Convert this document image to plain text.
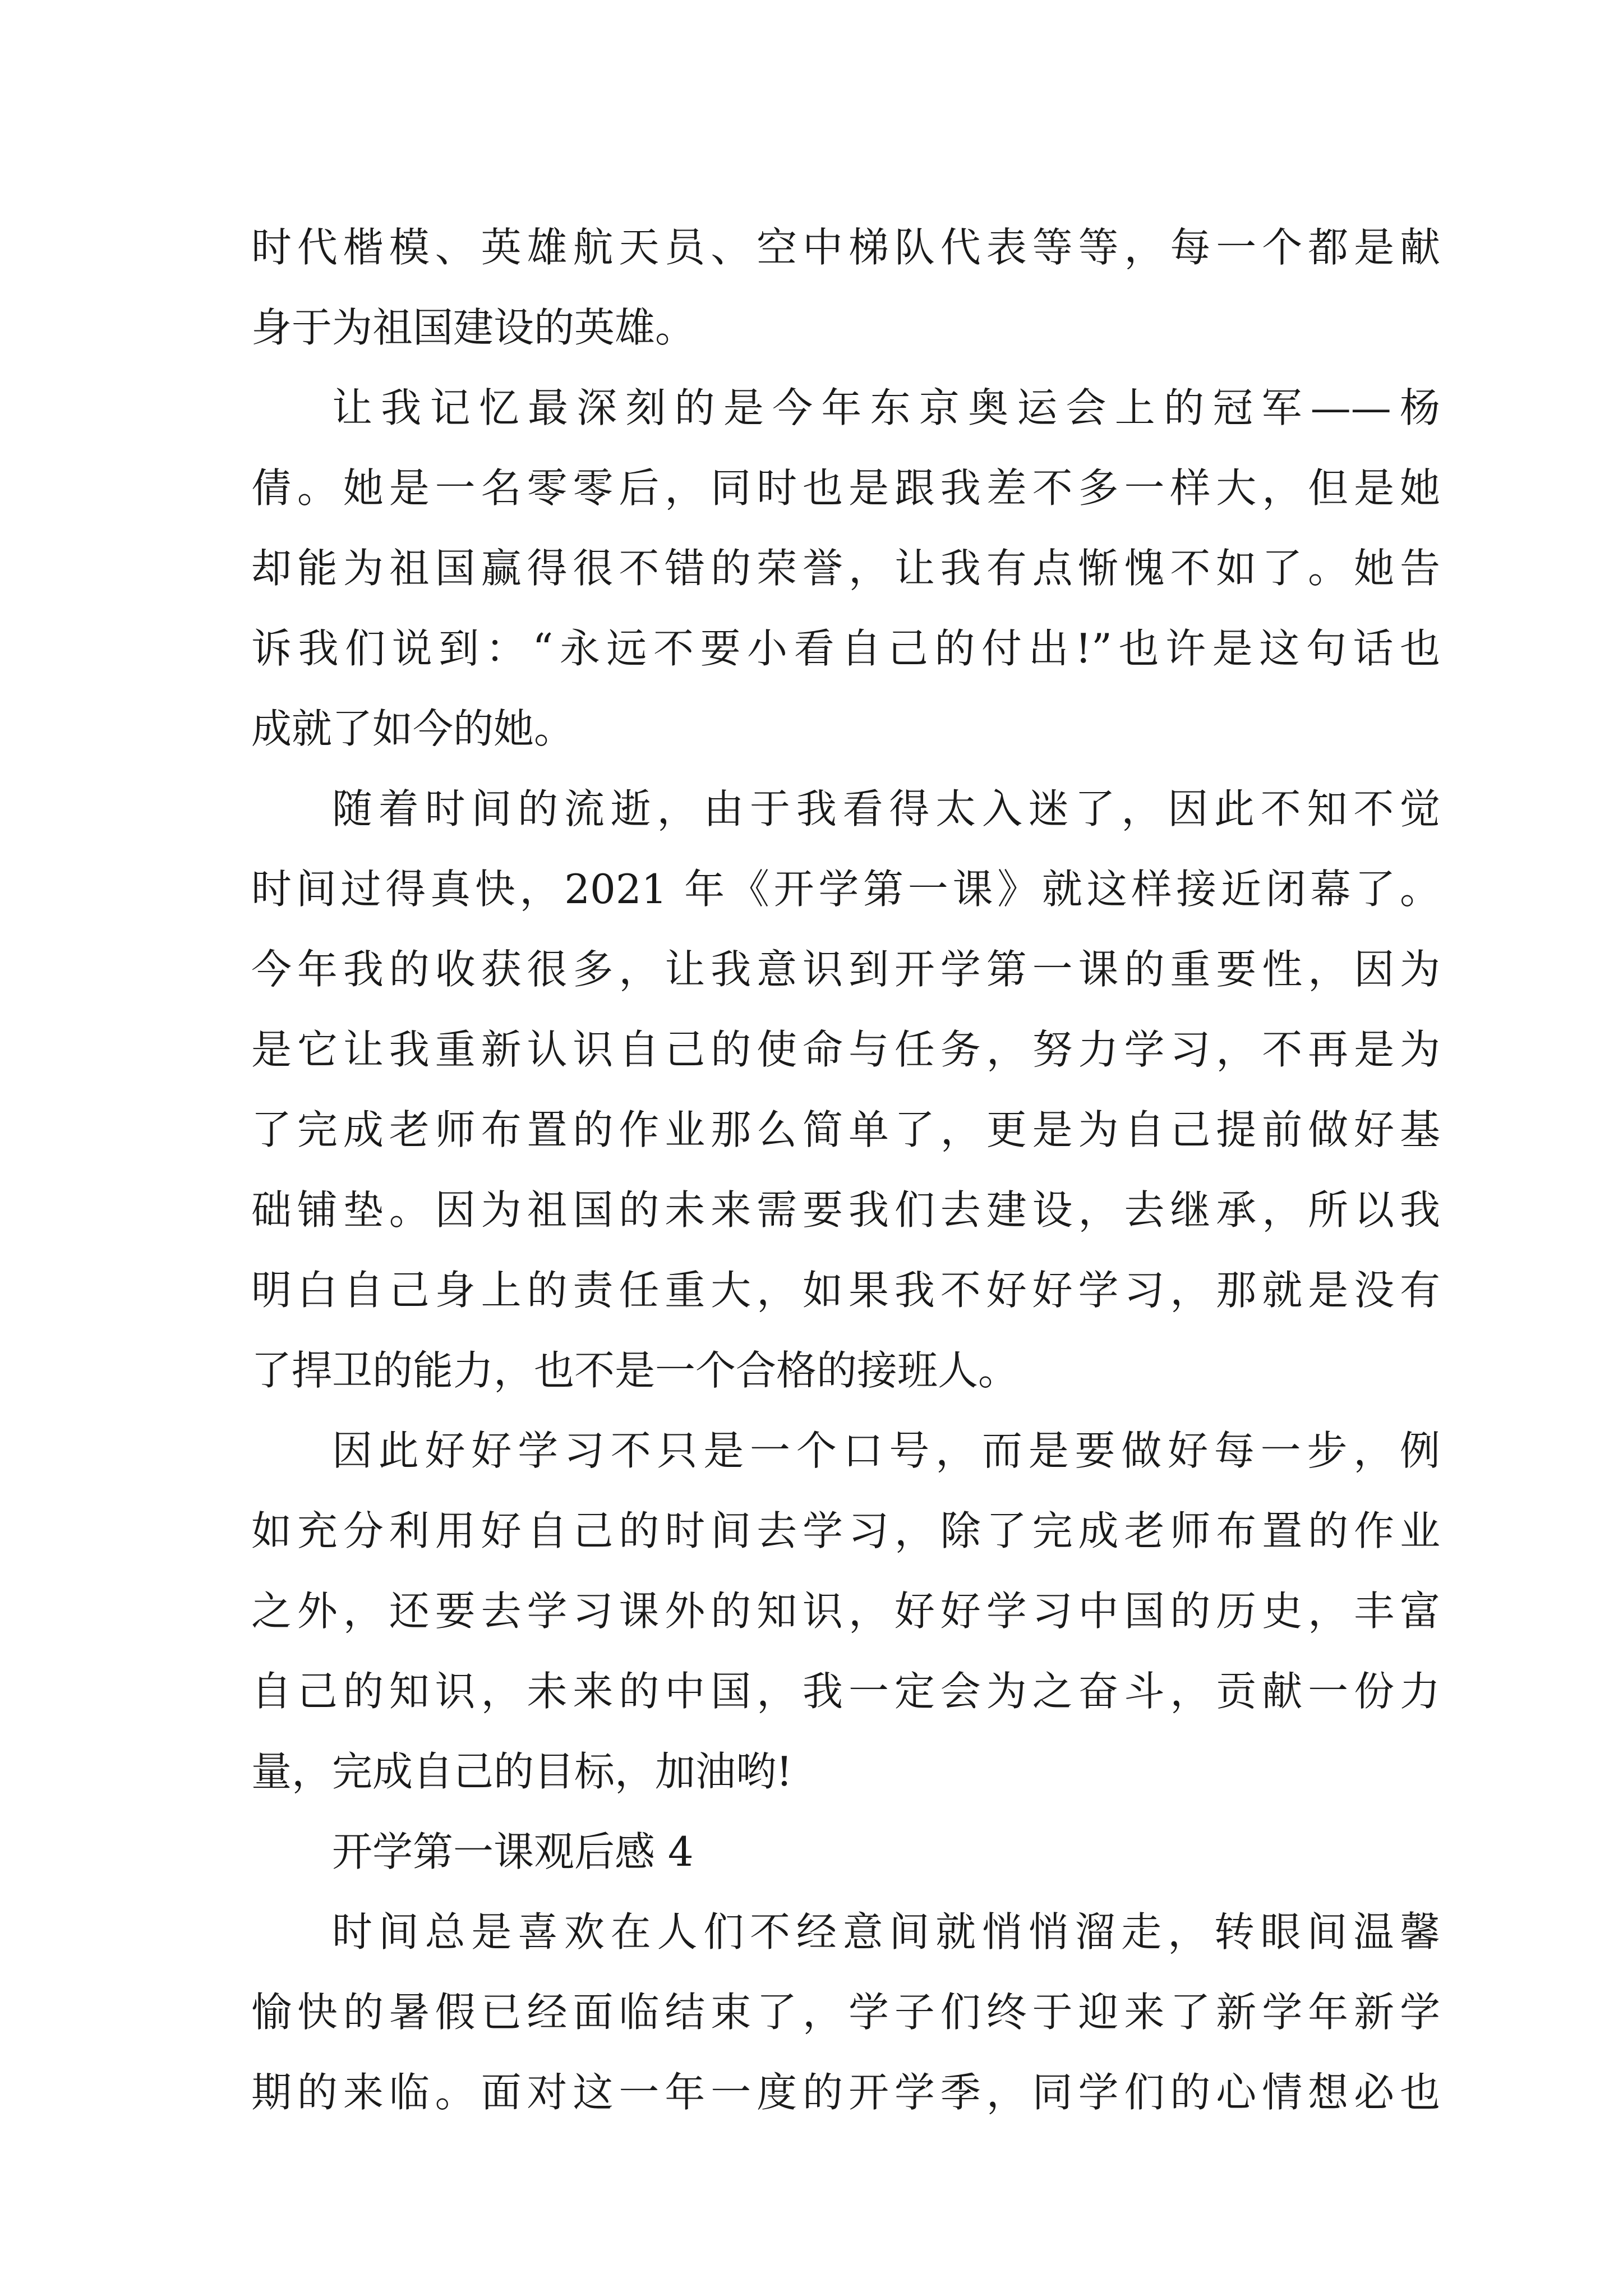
时代楷模、英雄航天员、空中梯队代表等等，每一个都是献
身于为祖国建设的英雄。
让我记忆最深刻的是今年东京奥运会上的冠军——杨
倩。她是一名零零后，同时也是跟我差不多一样大，但是她
却能为祖国赢得很不错的荣誉，让我有点惭愧不如了。她告
诉我们说到：“永远不要小看自己的付出!”也许是这句话也
成就了如今的她。
随着时间的流逝，由于我看得太入迷了，因此不知不觉
时间过得真快，2021 年《开学第一课》就这样接近闭幕了。
今年我的收获很多，让我意识到开学第一课的重要性，因为
是它让我重新认识自己的使命与任务，努力学习，不再是为
了完成老师布置的作业那么简单了，更是为自己提前做好基
础铺垫。因为祖国的未来需要我们去建设，去继承，所以我
明白自己身上的责任重大，如果我不好好学习，那就是没有
了捍卫的能力，也不是一个合格的接班人。
因此好好学习不只是一个口号，而是要做好每一步，例
如充分利用好自己的时间去学习，除了完成老师布置的作业
之外，还要去学习课外的知识，好好学习中国的历史，丰富
自己的知识，未来的中国，我一定会为之奋斗，贡献一份力
量，完成自己的目标，加油哟!
开学第一课观后感 4
时间总是喜欢在人们不经意间就悄悄溜走，转眼间温馨
愉快的暑假已经面临结束了，学子们终于迎来了新学年新学
期的来临。面对这一年一度的开学季，同学们的心情想必也
